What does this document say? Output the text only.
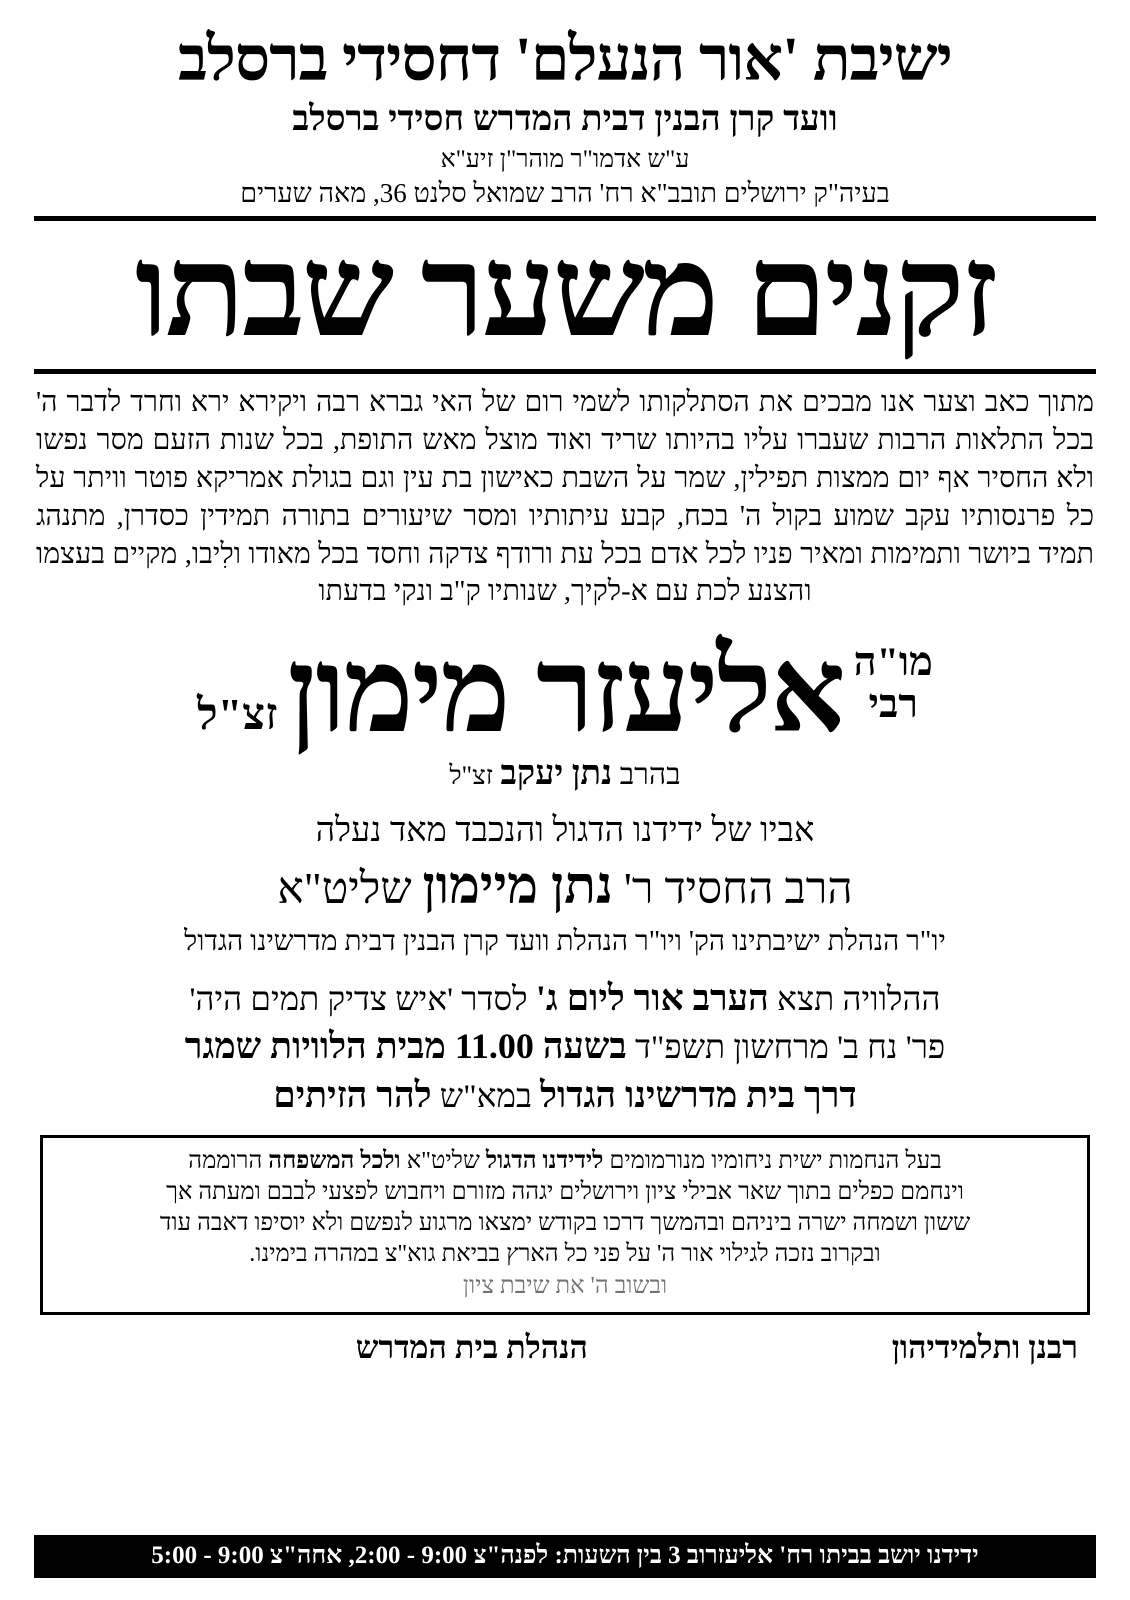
ישיבת 'אור הנעלם' דחסידי ברסלב
וועד קרן הבנין דבית המדרש חסידי ברסלב
ע"ש אדמו"ר מוהר"ן זיע"א
בעיה"ק ירושלים תובב"א רח' הרב שמואל סלנט 36, מאה שערים
זקנים משער שבתו
מתוך כאב וצער אנו מבכים את הסתלקותו לשמי רום של האי גברא רבה ויקירא ירא וחרד לדבר ה' בכל התלאות הרבות שעברו עליו בהיותו שריד ואוד מוצל מאש התופת, בכל שנות הזעם מסר נפשו ולא החסיר אף יום ממצות תפילין, שמר על השבת כאישון בת עין וגם בגולת אמריקא פוטר וויתר על כל פרנסותיו עקב שמוע בקול ה' בכח, קבע עיתותיו ומסר שיעורים בתורה תמידין כסדרן, מתנהג תמיד ביושר ותמימות ומאיר פניו לכל אדם בכל עת ורודף צדקה וחסד בכל מאודו ולִיבו, מקיים בעצמו והצנע לכת עם א-לקיך, שנותיו ק"ב ונקי בדעתו
מו"ה
רבי
אליעזר מימון
זצ"ל
בהרב נתן יעקב זצ"ל
אביו של ידידנו הדגול והנכבד מאד נעלה
הרב החסיד ר' נתן מיימון שליט"א
יו"ר הנהלת ישיבתינו הק' ויו"ר הנהלת וועד קרן הבנין דבית מדרשינו הגדול
ההלוויה תצא הערב אור ליום ג' לסדר 'איש צדיק תמים היה'
פר' נח ב' מרחשון תשפ"ד בשעה 11.00 מבית הלוויות שמגר
דרך בית מדרשינו הגדול במא"ש להר הזיתים
בעל הנחמות ישית ניחומיו מנורמומים לידידנו הדגול שליט"א ולכל המשפחה הרוממה
וינחמם כפלים בתוך שאר אבילי ציון וירושלים יגהה מזורם ויחבוש לפצעי לבבם ומעתה אך
ששון ושמחה ישרה ביניהם ובהמשך דרכו בקודש ימצאו מרגוע לנפשם ולא יוסיפו דאבה עוד
ובקרוב נזכה לגילוי אור ה' על פני כל הארץ בביאת גוא"צ במהרה בימינו.
ובשוב ה' את שיבת ציון
רבנן ותלמידיהון
הנהלת בית המדרש
ידידנו יושב בביתו רח' אליעזרוב 3 בין השעות: לפנה"צ 9:00 - 2:00, אחה"צ 9:00 - 5:00
